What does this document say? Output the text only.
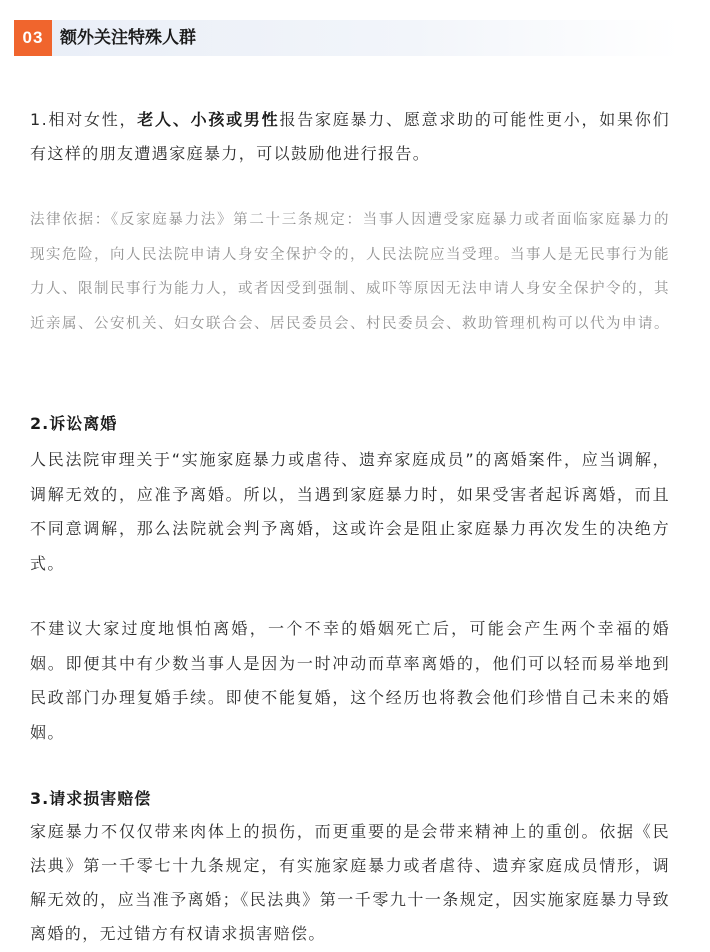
03 额外关注特殊人群

1.相对女性，老人、小孩或男性报告家庭暴力、愿意求助的可能性更小，如果你们有这样的朋友遭遇家庭暴力，可以鼓励他进行报告。

法律依据：《反家庭暴力法》第二十三条规定：当事人因遭受家庭暴力或者面临家庭暴力的现实危险，向人民法院申请人身安全保护令的，人民法院应当受理。当事人是无民事行为能力人、限制民事行为能力人，或者因受到强制、威吓等原因无法申请人身安全保护令的，其近亲属、公安机关、妇女联合会、居民委员会、村民委员会、救助管理机构可以代为申请。

2.诉讼离婚

人民法院审理关于“实施家庭暴力或虐待、遗弃家庭成员”的离婚案件，应当调解，调解无效的，应准予离婚。所以，当遇到家庭暴力时，如果受害者起诉离婚，而且不同意调解，那么法院就会判予离婚，这或许会是阻止家庭暴力再次发生的决绝方式。

不建议大家过度地惧怕离婚，一个不幸的婚姻死亡后，可能会产生两个幸福的婚姻。即便其中有少数当事人是因为一时冲动而草率离婚的，他们可以轻而易举地到民政部门办理复婚手续。即使不能复婚，这个经历也将教会他们珍惜自己未来的婚姻。

3.请求损害赔偿

家庭暴力不仅仅带来肉体上的损伤，而更重要的是会带来精神上的重创。依据《民法典》第一千零七十九条规定，有实施家庭暴力或者虐待、遗弃家庭成员情形，调解无效的，应当准予离婚；《民法典》第一千零九十一条规定，因实施家庭暴力导致离婚的，无过错方有权请求损害赔偿。
